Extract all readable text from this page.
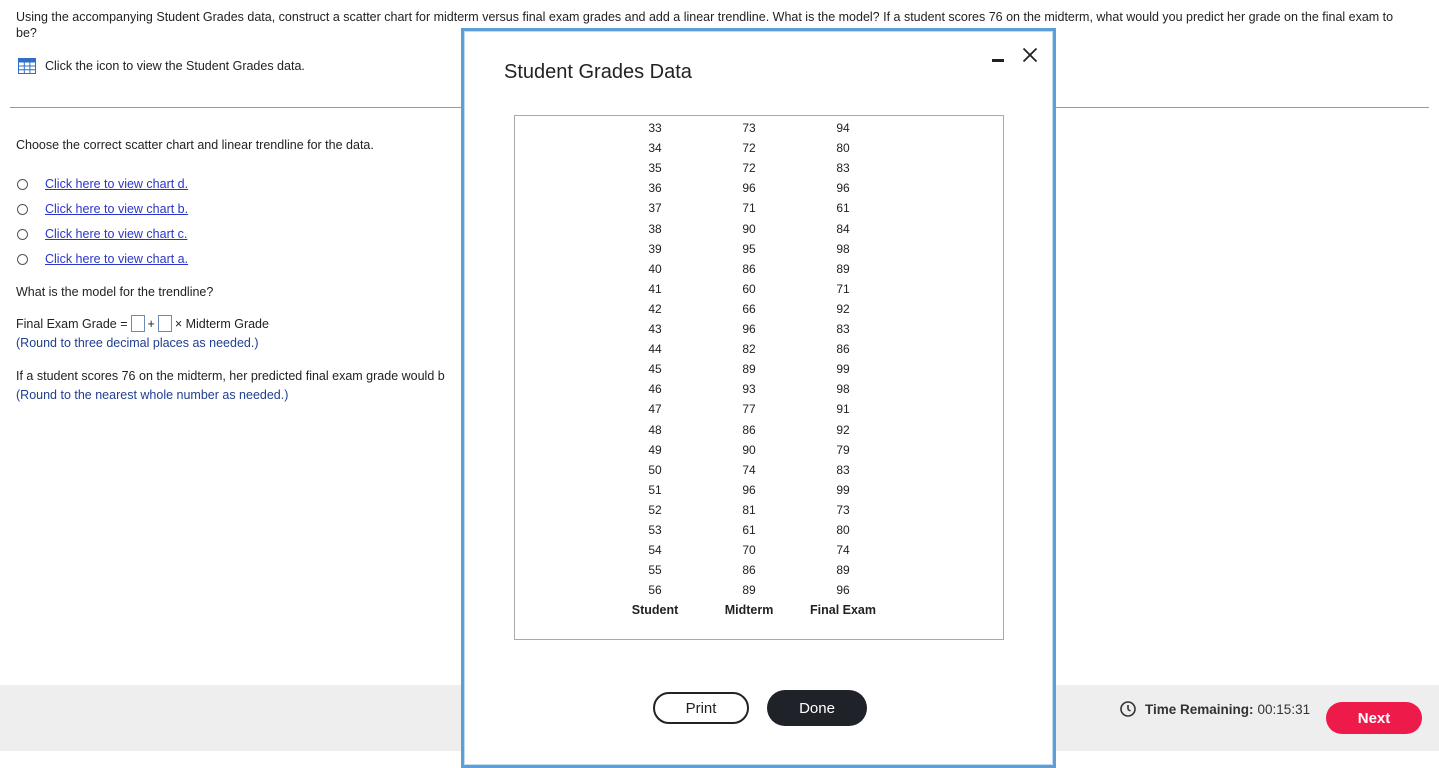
Using the accompanying Student Grades data, construct a scatter chart for midterm versus final exam grades and add a linear trendline. What is the model? If a student scores 76 on the midterm, what would you predict her grade on the final exam to be?
Click the icon to view the Student Grades data.
Choose the correct scatter chart and linear trendline for the data.
Click here to view chart d.
Click here to view chart b.
Click here to view chart c.
Click here to view chart a.
What is the model for the trendline?
Final Exam Grade = + × Midterm Grade
(Round to three decimal places as needed.)
If a student scores 76 on the midterm, her predicted final exam grade would b
(Round to the nearest whole number as needed.)
Time Remaining: 00:15:31
Next
Student Grades Data
33	73	94
34	72	80
35	72	83
36	96	96
37	71	61
38	90	84
39	95	98
40	86	89
41	60	71
42	66	92
43	96	83
44	82	86
45	89	99
46	93	98
47	77	91
48	86	92
49	90	79
50	74	83
51	96	99
52	81	73
53	61	80
54	70	74
55	86	89
56	89	96
Student	Midterm	Final Exam
Print	Done
